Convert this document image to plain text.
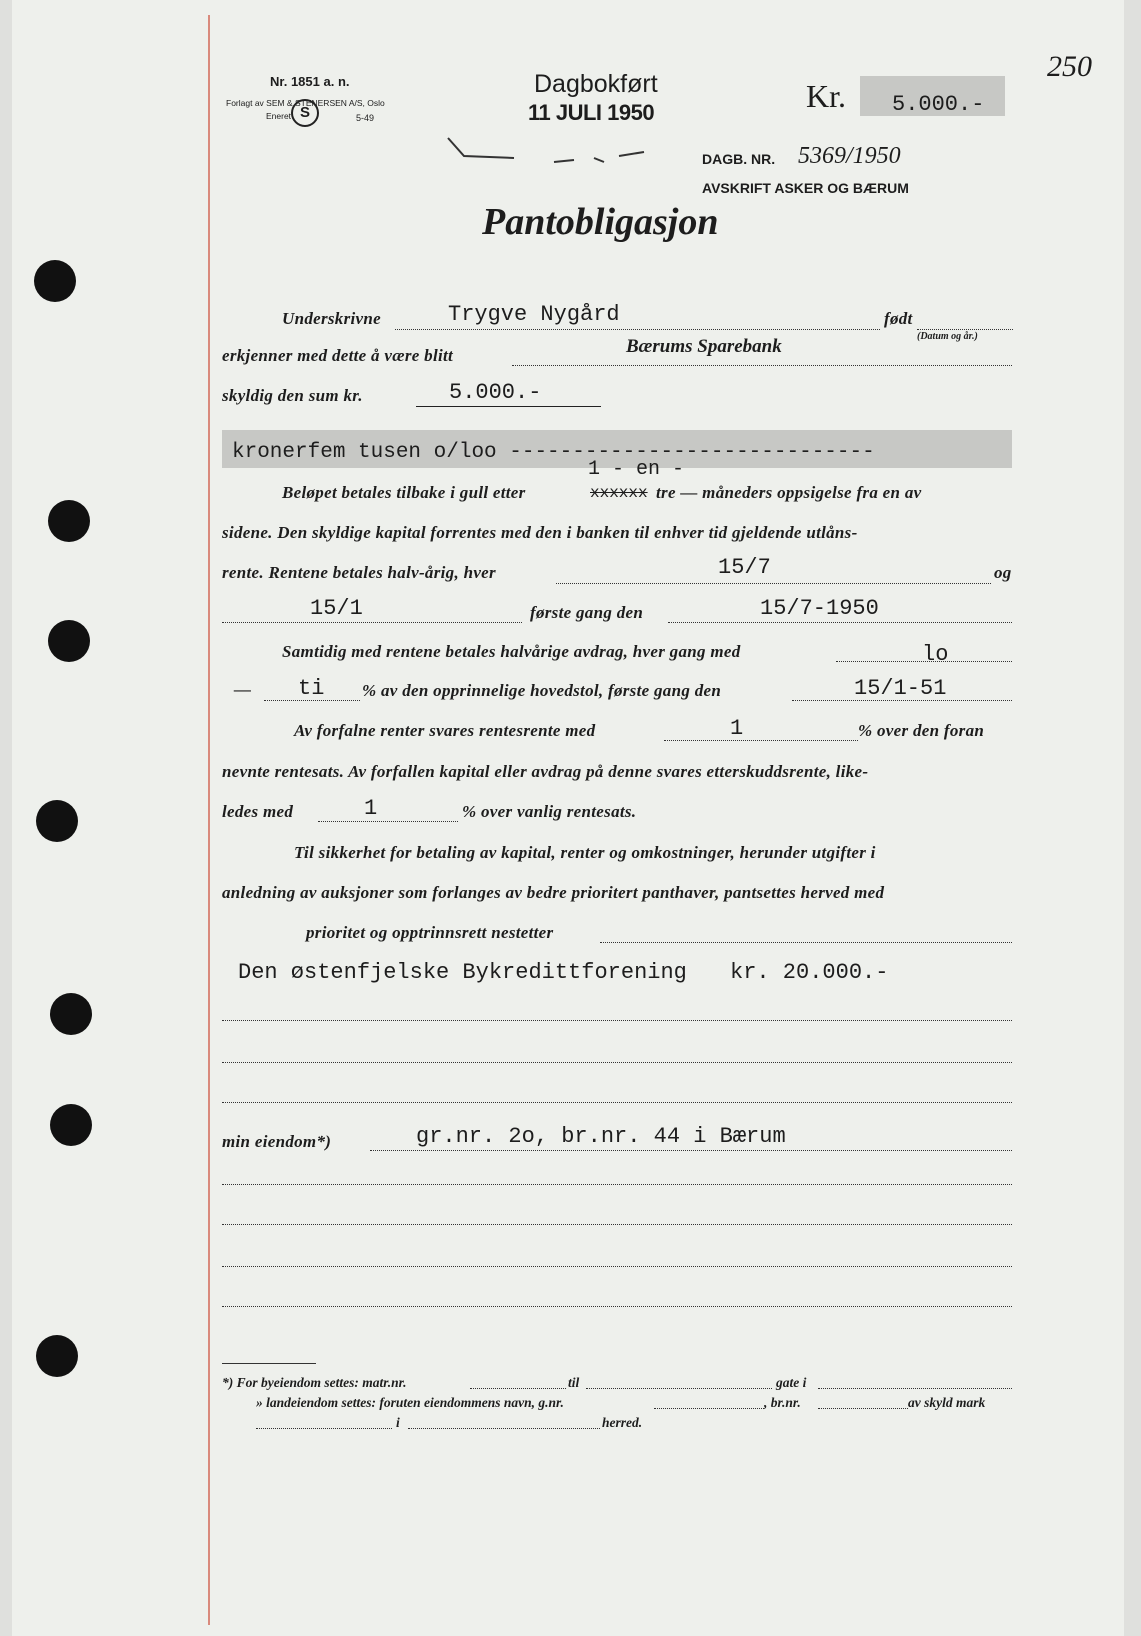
250
Nr. 1851 a. n.
Forlagt av SEM & STENERSEN A/S, Oslo
Eneret S	5-49
Dagbokført
11 JULI 1950	Kr. 5.000.-
DAGB. NR. 5369/1950
AVSKRIFT ASKER OG BÆRUM
Pantobligasjon
Underskrivne	Trygve Nygård	født
(Datum og år.)
erkjenner med dette å være blitt	Bærums Sparebank
skyldig den sum kr.	5.000.-
kronerfem tusen o/loo -----------------------------
1 - en -
Beløpet betales tilbake i gull etter	xxxxxx tre — måneders oppsigelse fra en av
sidene. Den skyldige kapital forrentes med den i banken til enhver tid gjeldende utlåns-
rente. Rentene betales halv-årig, hver	15/7	og
15/1	første gang den	15/7-1950
Samtidig med rentene betales halvårige avdrag, hver gang med	lo
— ti % av den opprinnelige hovedstol, første gang den	15/1-51
Av forfalne renter svares rentesrente med	1	% over den foran
nevnte rentesats. Av forfallen kapital eller avdrag på denne svares etterskuddsrente, like-
ledes med	1	% over vanlig rentesats.
Til sikkerhet for betaling av kapital, renter og omkostninger, herunder utgifter i
anledning av auksjoner som forlanges av bedre prioritert panthaver, pantsettes herved med
prioritet og opptrinnsrett nestetter
Den østenfjelske Bykredittforening kr. 20.000.-
min eiendom*)	gr.nr. 2o, br.nr. 44 i Bærum
*) For byeiendom settes: matr.nr.	til	gate i
» landeiendom settes: foruten eiendommens navn, g.nr.	, br.nr.	av skyld mark
i	herred.
